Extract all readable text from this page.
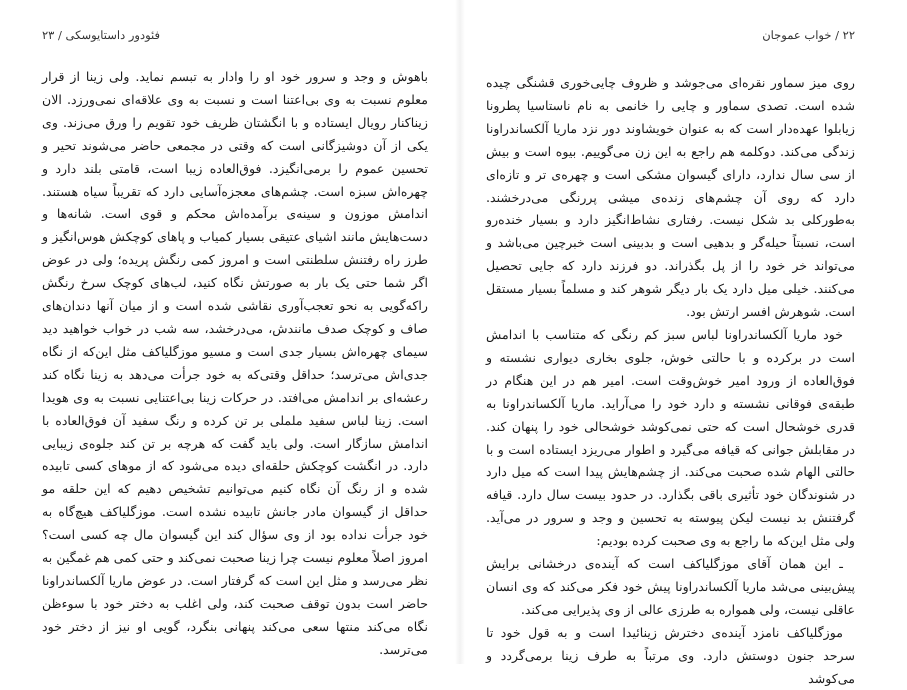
فئودور داستایوسکی / ۲۳

باهوش و وجد و سرور خود او را وادار به تبسم نماید. ولی زینا از قرار معلوم نسبت به وی بی‌اعتنا است و نسبت به وی علاقه‌ای نمی‌ورزد. الان زیناکنار رویال ایستاده و با انگشتان ظریف خود تقویم را ورق می‌زند. وی یکی از آن دوشیزگانی است که وقتی در مجمعی حاضر می‌شوند تحیر و تحسین عموم را برمی‌انگیزد. فوق‌العاده زیبا است، قامتی بلند دارد و چهره‌اش سبزه است. چشم‌های معجزه‌آسایی دارد که تقریباً سیاه هستند. اندامش موزون و سینه‌ی برآمده‌اش محکم و قوی است. شانه‌ها و دست‌هایش مانند اشیای عتیقی بسیار کمیاب و پاهای کوچکش هوس‌انگیز و طرز راه رفتنش سلطنتی است و امروز کمی رنگش پریده؛ ولی در عوض اگر شما حتی یک بار به صورتش نگاه کنید، لب‌های کوچک سرخ رنگش راکه‌گویی به نحو تعجب‌آوری نقاشی شده است و از میان آنها دندان‌های صاف و کوچک صدف مانندش، می‌درخشد، سه شب در خواب خواهید دید سیمای چهره‌اش بسیار جدی است و مسیو موزگلیاکف مثل این‌که از نگاه جدی‌اش می‌ترسد؛ حداقل وقتی‌که به خود جرأت می‌دهد به زینا نگاه کند رعشه‌ای بر اندامش می‌افتد. در حرکات زینا بی‌اعتنایی نسبت به وی هویدا است. زینا لباس سفید ململی بر تن کرده و رنگ سفید آن فوق‌العاده با اندامش سازگار است. ولی باید گفت که هرچه بر تن کند جلوه‌ی زیبایی دارد. در انگشت کوچکش حلقه‌ای دیده می‌شود که از موهای کسی تابیده شده و از رنگ آن نگاه کنیم می‌توانیم تشخیص دهیم که این حلقه مو حداقل از گیسوان مادر جانش تابیده نشده است. موزگلیاکف هیچ‌گاه به خود جرأت نداده بود از وی سؤال کند این گیسوان مال چه کسی است؟ امروز اصلاً معلوم نیست چرا زینا صحبت نمی‌کند و حتی کمی هم غمگین به نظر می‌رسد و مثل این است که گرفتار است. در عوض ماریا آلکساندراونا حاضر است بدون توقف صحبت کند، ولی اغلب به دختر خود با سوءظن نگاه می‌کند منتها سعی می‌کند پنهانی بنگرد، گویی او نیز از دختر خود می‌ترسد.

۲۲ / خواب عموجان

روی میز سماور نقره‌ای می‌جوشد و ظروف چایی‌خوری قشنگی چیده شده است. تصدی سماور و چایی را خانمی به نام ناستاسیا پطرونا زیابلوا عهده‌دار است که به عنوان خویشاوند دور نزد ماریا آلکساندراونا زندگی می‌کند. دوکلمه هم راجع به این زن می‌گوییم. بیوه است و بیش از سی سال ندارد، دارای گیسوان مشکی است و چهره‌ی تر و تازه‌ای دارد که روی آن چشم‌های زنده‌ی میشی پررنگی می‌درخشند. به‌طورکلی بد شکل نیست. رفتاری نشاط‌انگیز دارد و بسیار خنده‌رو است، نسبتاً حیله‌گر و بدهیی است و بدبینی است خبرچین می‌باشد و می‌تواند خر خود را از پل بگذراند. دو فرزند دارد که جایی تحصیل می‌کنند. خیلی میل دارد یک بار دیگر شوهر کند و مسلماً بسیار مستقل است. شوهرش افسر ارتش بود.

خود ماریا آلکساندراونا لباس سبز کم رنگی که متناسب با اندامش است در برکرده و با حالتی خوش، جلوی بخاری دیواری نشسته و فوق‌العاده از ورود امیر خوش‌وقت است. امیر هم در این هنگام در طبقه‌ی فوقانی نشسته و دارد خود را می‌آراید. ماریا آلکساندراونا به قدری خوشحال است که حتی نمی‌کوشد خوشحالی خود را پنهان کند. در مقابلش جوانی که قیافه می‌گیرد و اطوار می‌ریزد ایستاده است و با حالتی الهام شده صحبت می‌کند. از چشم‌هایش پیدا است که میل دارد در شنوندگان خود تأثیری باقی بگذارد. در حدود بیست سال دارد. قیافه گرفتنش بد نیست لیکن پیوسته به تحسین و وجد و سرور در می‌آید. ولی مثل این‌که ما راجع به وی صحبت کرده بودیم:

ـ این همان آقای موزگلیاکف است که آینده‌ی درخشانی برایش پیش‌بینی می‌شد ماریا آلکساندراونا پیش خود فکر می‌کند که وی انسان عاقلی نیست، ولی همواره به طرزی عالی از وی پذیرایی می‌کند.

موزگلیاکف نامزد آینده‌ی دخترش زینائیدا است و به قول خود تا سرحد جنون دوستش دارد. وی مرتباً به طرف زینا برمی‌گردد و می‌کوشد
